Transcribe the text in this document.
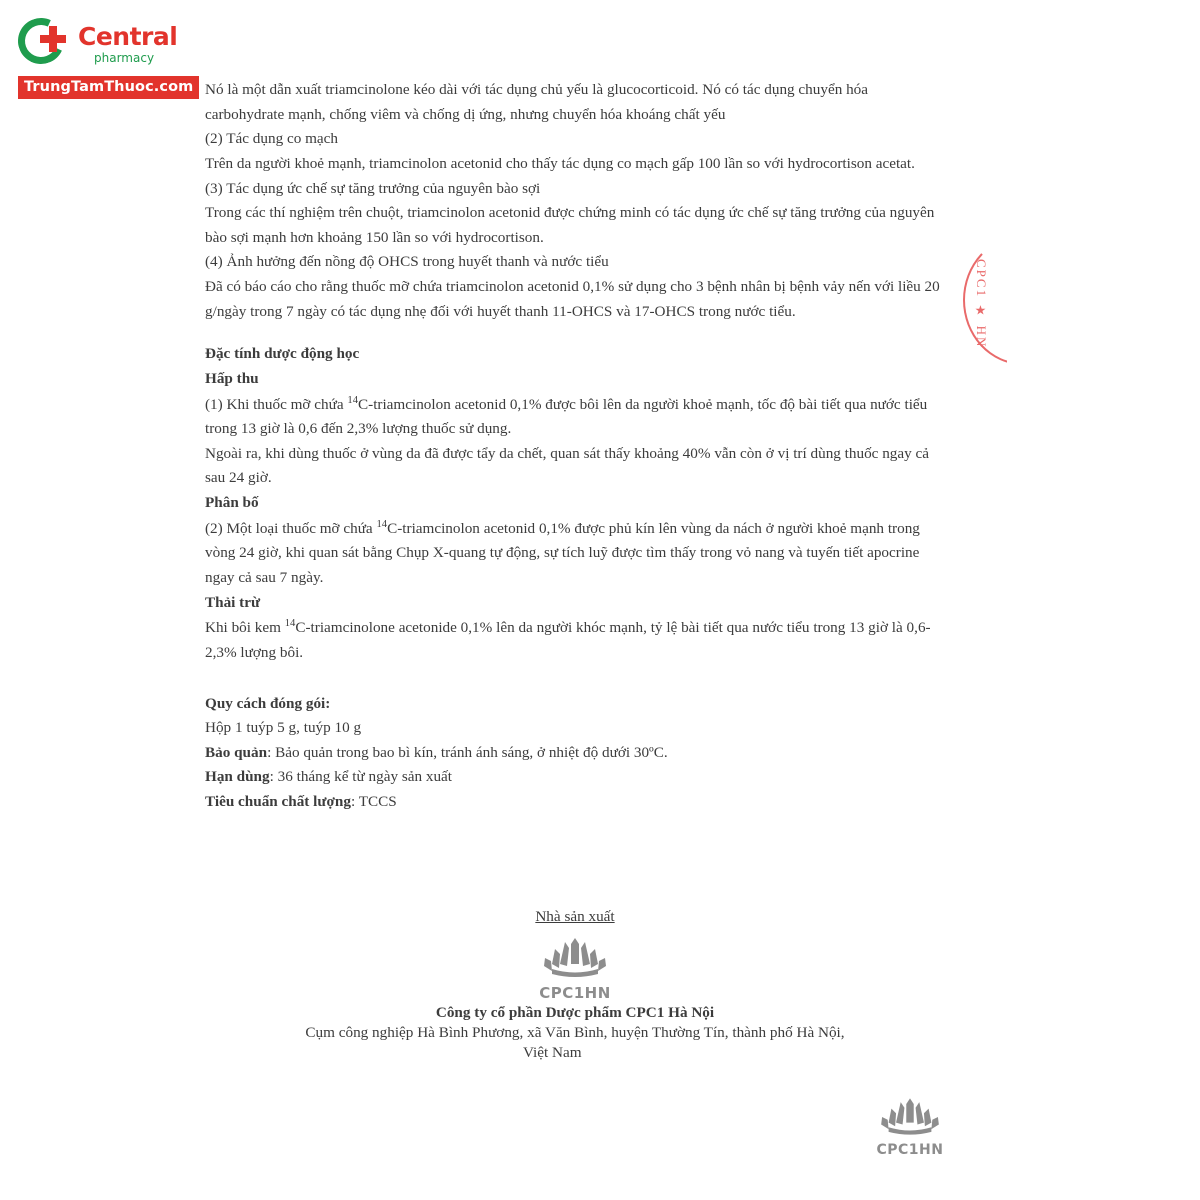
Central
pharmacy
TrungTamThuoc.com
CPC1 ★ HN

Nó là một dẫn xuất triamcinolone kéo dài với tác dụng chủ yếu là glucocorticoid. Nó có tác dụng chuyển hóa carbohydrate mạnh, chống viêm và chống dị ứng, nhưng chuyển hóa khoáng chất yếu

(2) Tác dụng co mạch

Trên da người khoẻ mạnh, triamcinolon acetonid cho thấy tác dụng co mạch gấp 100 lần so với hydrocortison acetat.

(3) Tác dụng ức chế sự tăng trưởng của nguyên bào sợi

Trong các thí nghiệm trên chuột, triamcinolon acetonid được chứng minh có tác dụng ức chế sự tăng trưởng của nguyên bào sợi mạnh hơn khoảng 150 lần so với hydrocortison.

(4) Ảnh hưởng đến nồng độ OHCS trong huyết thanh và nước tiểu

Đã có báo cáo cho rằng thuốc mỡ chứa triamcinolon acetonid 0,1% sử dụng cho 3 bệnh nhân bị bệnh vảy nến với liều 20 g/ngày trong 7 ngày có tác dụng nhẹ đối với huyết thanh 11-OHCS và 17-OHCS trong nước tiểu.

Đặc tính dược động học

Hấp thu

(1) Khi thuốc mỡ chứa $^{14}$C-triamcinolon acetonid 0,1% được bôi lên da người khoẻ mạnh, tốc độ bài tiết qua nước tiểu trong 13 giờ là 0,6 đến 2,3% lượng thuốc sử dụng.

Ngoài ra, khi dùng thuốc ở vùng da đã được tẩy da chết, quan sát thấy khoảng 40% vẫn còn ở vị trí dùng thuốc ngay cả sau 24 giờ.

Phân bố

(2) Một loại thuốc mỡ chứa $^{14}$C-triamcinolon acetonid 0,1% được phủ kín lên vùng da nách ở người khoẻ mạnh trong vòng 24 giờ, khi quan sát bằng Chụp X-quang tự động, sự tích luỹ được tìm thấy trong vỏ nang và tuyến tiết apocrine ngay cả sau 7 ngày.

Thải trừ

Khi bôi kem $^{14}$C-triamcinolone acetonide 0,1% lên da người khóc mạnh, tỷ lệ bài tiết qua nước tiểu trong 13 giờ là 0,6-2,3% lượng bôi.

Quy cách đóng gói:

Hộp 1 tuýp 5 g, tuýp 10 g

Bảo quản: Bảo quản trong bao bì kín, tránh ánh sáng, ở nhiệt độ dưới 30ºC.

Hạn dùng: 36 tháng kể từ ngày sản xuất

Tiêu chuẩn chất lượng: TCCS

Nhà sản xuất
CPC1HN
Công ty cổ phần Dược phẩm CPC1 Hà Nội
Cụm công nghiệp Hà Bình Phương, xã Văn Bình, huyện Thường Tín, thành phố Hà Nội,
Việt Nam
CPC1HN
